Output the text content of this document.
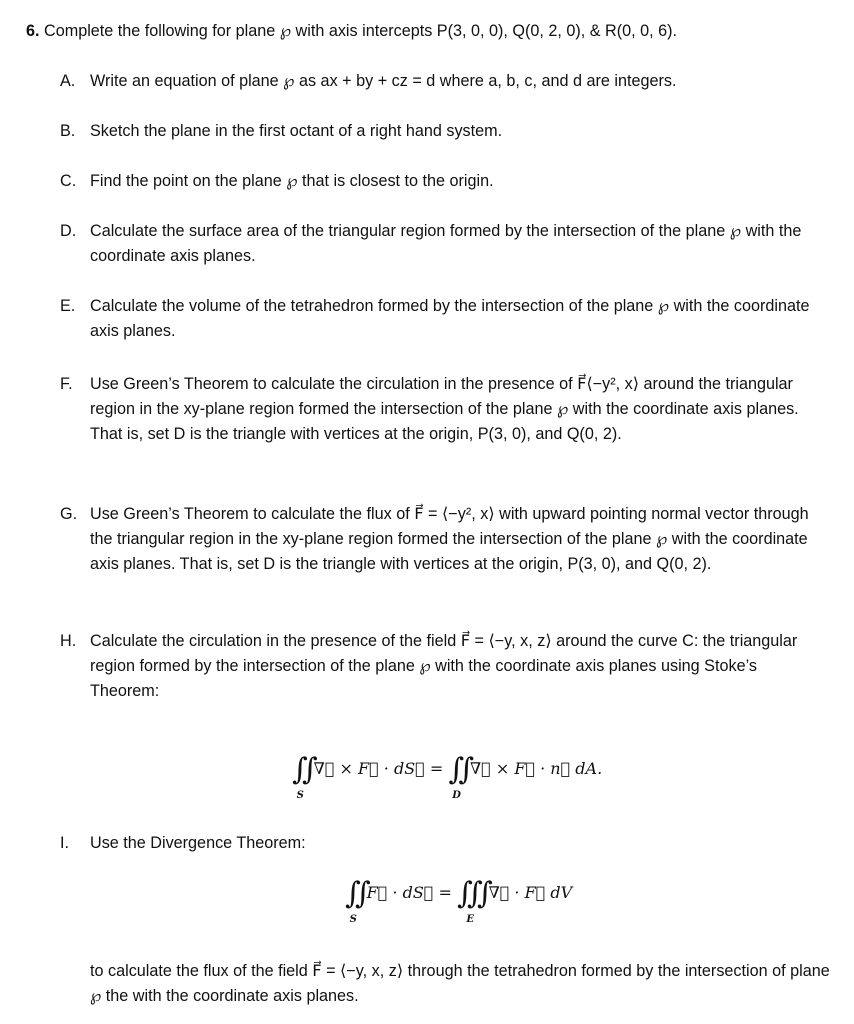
6. Complete the following for plane ℘ with axis intercepts P(3, 0, 0), Q(0, 2, 0), & R(0, 0, 6).
A. Write an equation of plane ℘ as ax + by + cz = d where a, b, c, and d are integers.
B. Sketch the plane in the first octant of a right hand system.
C. Find the point on the plane ℘ that is closest to the origin.
D. Calculate the surface area of the triangular region formed by the intersection of the plane ℘ with the coordinate axis planes.
E. Calculate the volume of the tetrahedron formed by the intersection of the plane ℘ with the coordinate axis planes.
F.	Use Green’s Theorem to calculate the circulation in the presence of F⃗⟨−y², x⟩ around the triangular region in the xy-plane region formed the intersection of the plane ℘ with the coordinate axis planes. That is, set D is the triangle with vertices at the origin, P(3, 0), and Q(0, 2).
G. Use Green’s Theorem to calculate the flux of F⃗ = ⟨−y², x⟩ with upward pointing normal vector through the triangular region in the xy-plane region formed the intersection of the plane ℘ with the coordinate axis planes. That is, set D is the triangle with vertices at the origin, P(3, 0), and Q(0, 2).
H. Calculate the circulation in the presence of the field F⃗ = ⟨−y, x, z⟩ around the curve C: the triangular region formed by the intersection of the plane ℘ with the coordinate axis planes using Stoke’s Theorem:
∬
S
∇⃗ × F⃗ · dS⃗ = ∬
D
∇⃗ × F⃗ · n⃗ dA.
I.	Use the Divergence Theorem:
∬
S
F⃗ · dS⃗ = ∭
E
∇⃗ · F⃗ dV
to calculate the flux of the field F⃗ = ⟨−y, x, z⟩ through the tetrahedron formed by the intersection of plane ℘ the with the coordinate axis planes.
